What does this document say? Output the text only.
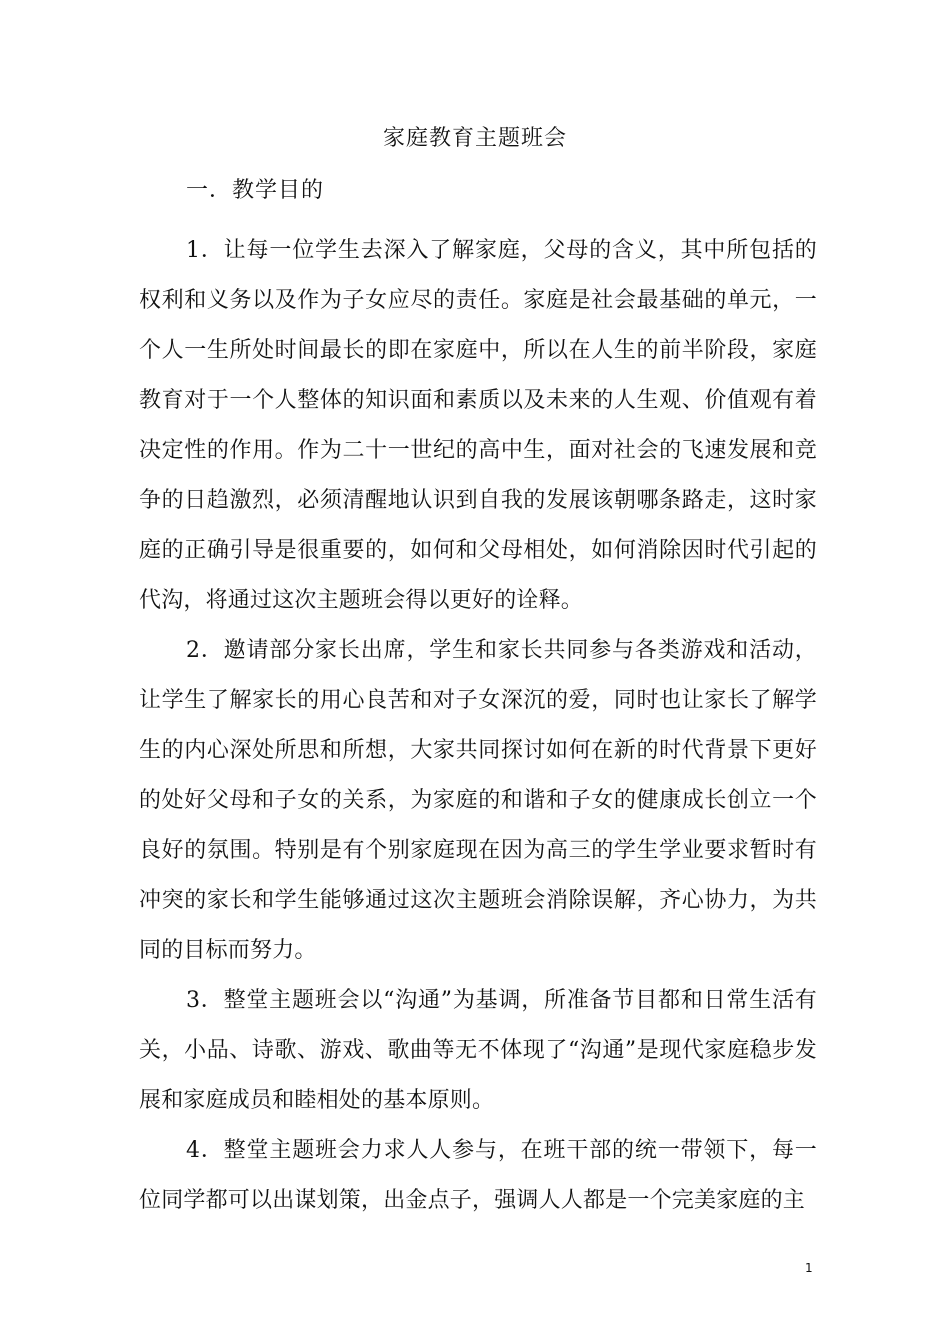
家庭教育主题班会
一．教学目的

1．让每一位学生去深入了解家庭，父母的含义，其中所包括的权利和义务以及作为子女应尽的责任。家庭是社会最基础的单元，一个人一生所处时间最长的即在家庭中，所以在人生的前半阶段，家庭教育对于一个人整体的知识面和素质以及未来的人生观、价值观有着决定性的作用。作为二十一世纪的高中生，面对社会的飞速发展和竞争的日趋激烈，必须清醒地认识到自我的发展该朝哪条路走，这时家庭的正确引导是很重要的，如何和父母相处，如何消除因时代引起的代沟，将通过这次主题班会得以更好的诠释。

2．邀请部分家长出席，学生和家长共同参与各类游戏和活动，让学生了解家长的用心良苦和对子女深沉的爱，同时也让家长了解学生的内心深处所思和所想，大家共同探讨如何在新的时代背景下更好的处好父母和子女的关系，为家庭的和谐和子女的健康成长创立一个良好的氛围。特别是有个别家庭现在因为高三的学生学业要求暂时有冲突的家长和学生能够通过这次主题班会消除误解，齐心协力，为共同的目标而努力。

3．整堂主题班会以“沟通”为基调，所准备节目都和日常生活有关，小品、诗歌、游戏、歌曲等无不体现了“沟通”是现代家庭稳步发展和家庭成员和睦相处的基本原则。

4．整堂主题班会力求人人参与，在班干部的统一带领下，每一位同学都可以出谋划策，出金点子，强调人人都是一个完美家庭的主

1
